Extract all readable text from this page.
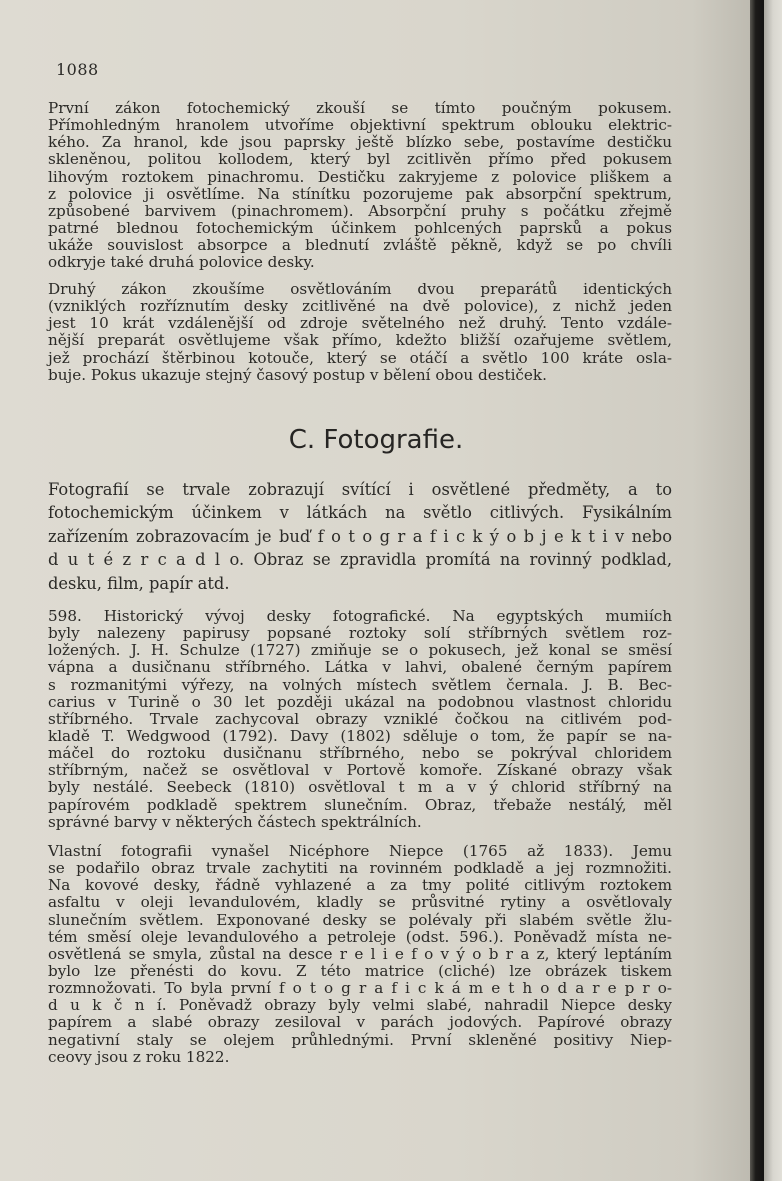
1088
První zákon fotochemický zkouší se tímto poučným pokusem.
Přímohledným hranolem utvoříme objektivní spektrum oblouku elektric-
kého. Za hranol, kde jsou paprsky ještě blízko sebe, postavíme destičku
skleněnou, politou kollodem, který byl zcitlivěn přímo před pokusem
lihovým roztokem pinachromu. Destičku zakryjeme z polovice pliškem a
z polovice ji osvětlíme. Na stínítku pozorujeme pak absorpční spektrum,
způsobené barvivem (pinachromem). Absorpční pruhy s počátku zřejmě
patrné blednou fotochemickým účinkem pohlcených paprsků a pokus
ukáže souvislost absorpce a blednutí zvláště pěkně, když se po chvíli
odkryje také druhá polovice desky.
Druhý zákon zkoušíme osvětlováním dvou preparátů identických
(vzniklých rozříznutím desky zcitlivěné na dvě polovice), z nichž jeden
jest 10 krát vzdálenější od zdroje světelného než druhý. Tento vzdále-
nější preparát osvětlujeme však přímo, kdežto bližší ozařujeme světlem,
jež prochází štěrbinou kotouče, který se otáčí a světlo 100 kráte osla-
buje. Pokus ukazuje stejný časový postup v bělení obou destiček.
C. Fotografie.
Fotografií se trvale zobrazují svítící i osvětlené předměty, a to
fotochemickým účinkem v látkách na světlo citlivých. Fysikálním
zařízením zobrazovacím je buď f o t o g r a f i c k ý o b j e k t i v nebo
d u t é z r c a d l o. Obraz se zpravidla promítá na rovinný podklad,
desku, film, papír atd.
598. Historický vývoj desky fotografické. Na egyptských mumiích
byly nalezeny papirusy popsané roztoky solí stříbrných světlem roz-
ložených. J. H. Schulze (1727) zmiňuje se o pokusech, jež konal se smësí
vápna a dusičnanu stříbrného. Látka v lahvi, obalené černým papírem
s rozmanitými výřezy, na volných místech světlem černala. J. B. Bec-
carius v Turině o 30 let později ukázal na podobnou vlastnost chloridu
stříbrného. Trvale zachycoval obrazy vzniklé čočkou na citlivém pod-
kladě T. Wedgwood (1792). Davy (1802) sděluje o tom, že papír se na-
máčel do roztoku dusičnanu stříbrného, nebo se pokrýval chloridem
stříbrným, načež se osvětloval v Portově komoře. Získané obrazy však
byly nestálé. Seebeck (1810) osvětloval t m a v ý chlorid stříbrný na
papírovém podkladě spektrem slunečním. Obraz, třebaže nestálý, měl
správné barvy v některých částech spektrálních.
Vlastní fotografii vynašel Nicéphore Niepce (1765 až 1833). Jemu
se podařilo obraz trvale zachytiti na rovinném podkladě a jej rozmnožiti.
Na kovové desky, řádně vyhlazené a za tmy polité citlivým roztokem
asfaltu v oleji levandulovém, kladly se průsvitné rytiny a osvětlovaly
slunečním světlem. Exponované desky se polévaly při slabém světle žlu-
tém směsí oleje levandulového a petroleje (odst. 596.). Poněvadž místa ne-
osvětlená se smyla, zůstal na desce r e l i e f o v ý o b r a z, který leptáním
bylo lze přenésti do kovu. Z této matrice (cliché) lze obrázek tiskem
rozmnožovati. To byla první f o t o g r a f i c k á m e t h o d a r e p r o-
d u k č n í. Poněvadž obrazy byly velmi slabé, nahradil Niepce desky
papírem a slabé obrazy zesiloval v parách jodových. Papírové obrazy
negativní staly se olejem průhlednými. První skleněné positivy Niep-
ceovy jsou z roku 1822.
